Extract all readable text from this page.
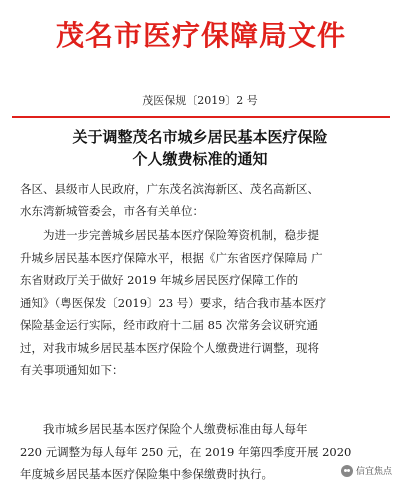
茂名市医疗保障局文件
茂医保规〔2019〕2 号
关于调整茂名市城乡居民基本医疗保险
个人缴费标准的通知
各区、县级市人民政府，广东茂名滨海新区、茂名高新区、
水东湾新城管委会，市各有关单位：
　　为进一步完善城乡居民基本医疗保险筹资机制，稳步提
升城乡居民基本医疗保障水平，根据《广东省医疗保障局 广
东省财政厅关于做好 2019 年城乡居民医疗保障工作的
通知》（粤医保发〔2019〕23 号）要求，结合我市基本医疗
保险基金运行实际，经市政府十二届 85 次常务会议研究通
过，对我市城乡居民基本医疗保险个人缴费进行调整，现将
有关事项通知如下：
　　我市城乡居民基本医疗保险个人缴费标准由每人每年
220 元调整为每人每年 250 元，在 2019 年第四季度开展 2020
年度城乡居民基本医疗保险集中参保缴费时执行。	信宜焦点
